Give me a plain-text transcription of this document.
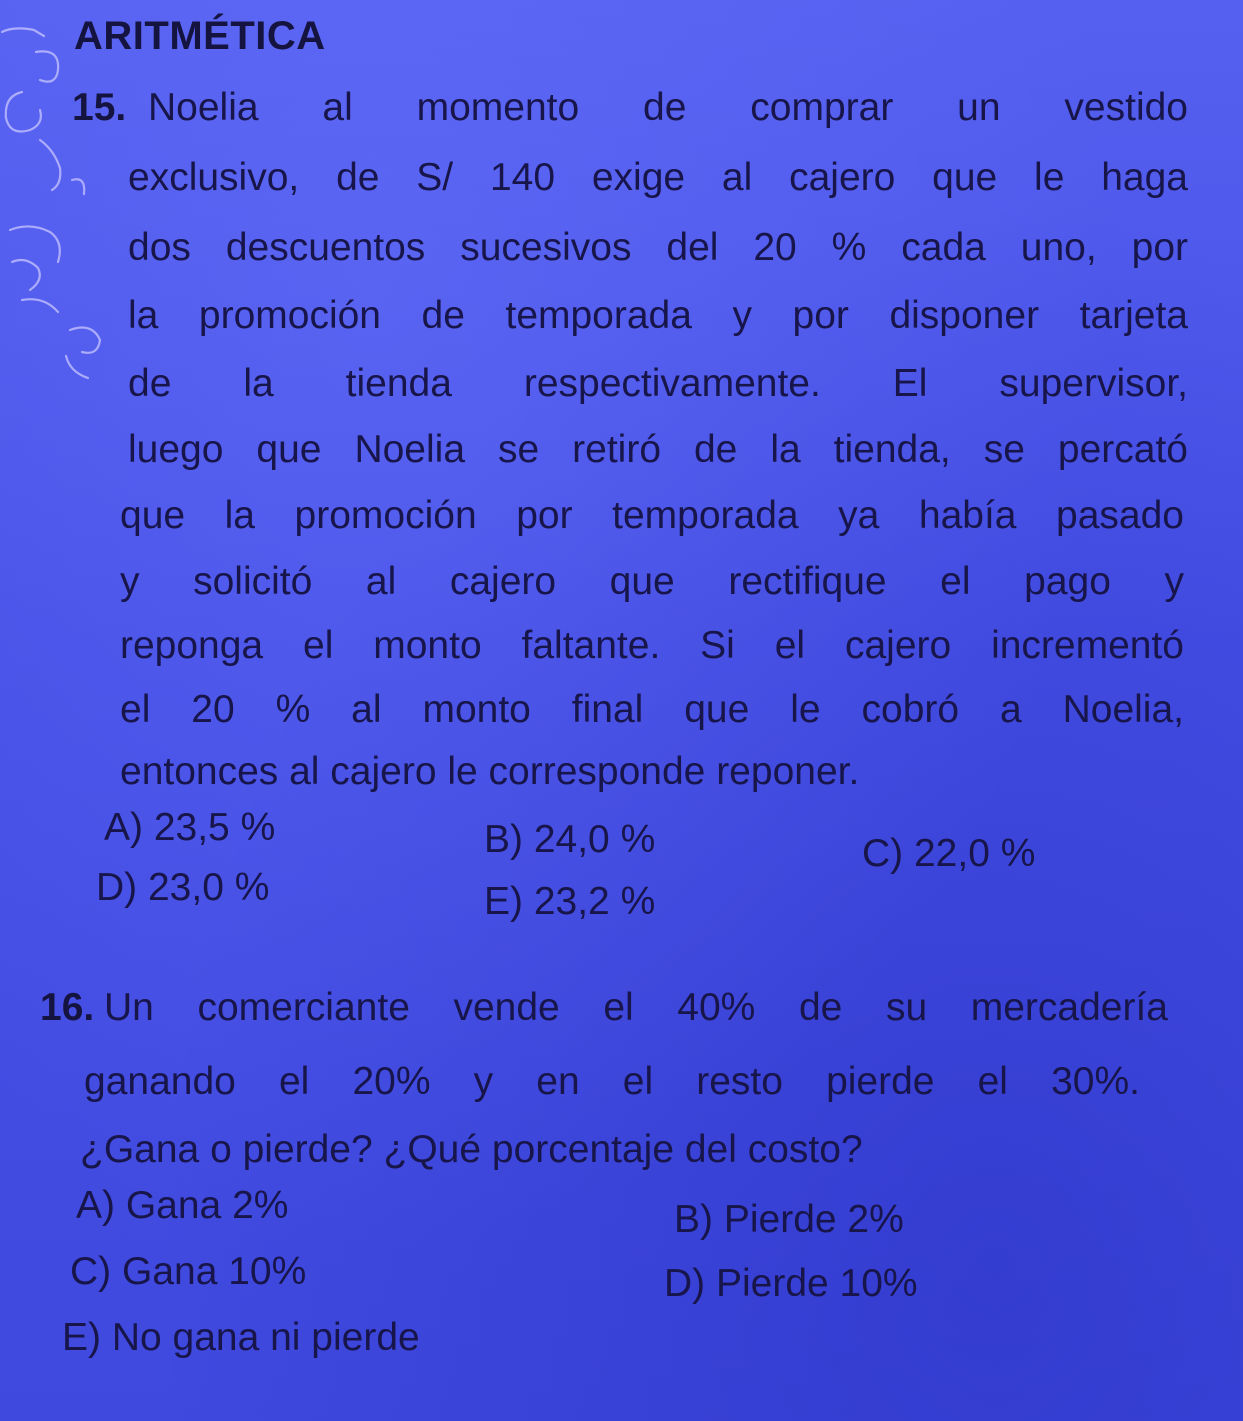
ARITMÉTICA
15. Noelia al momento de comprar un vestido
exclusivo, de S/ 140 exige al cajero que le haga
dos descuentos sucesivos del 20 % cada uno, por
la promoción de temporada y por disponer tarjeta
de la tienda respectivamente. El supervisor,
luego que Noelia se retiró de la tienda, se percató
que la promoción por temporada ya había pasado
y solicitó al cajero que rectifique el pago y
reponga el monto faltante. Si el cajero incrementó
el 20 % al monto final que le cobró a Noelia,
entonces al cajero le corresponde reponer.
A) 23,5 %	B) 24,0 %	C) 22,0 %
D) 23,0 %	E) 23,2 %
16. Un comerciante vende el 40% de su mercadería
ganando el 20% y en el resto pierde el 30%.
¿Gana o pierde? ¿Qué porcentaje del costo?
A) Gana 2%	B) Pierde 2%
C) Gana 10%	D) Pierde 10%
E) No gana ni pierde
